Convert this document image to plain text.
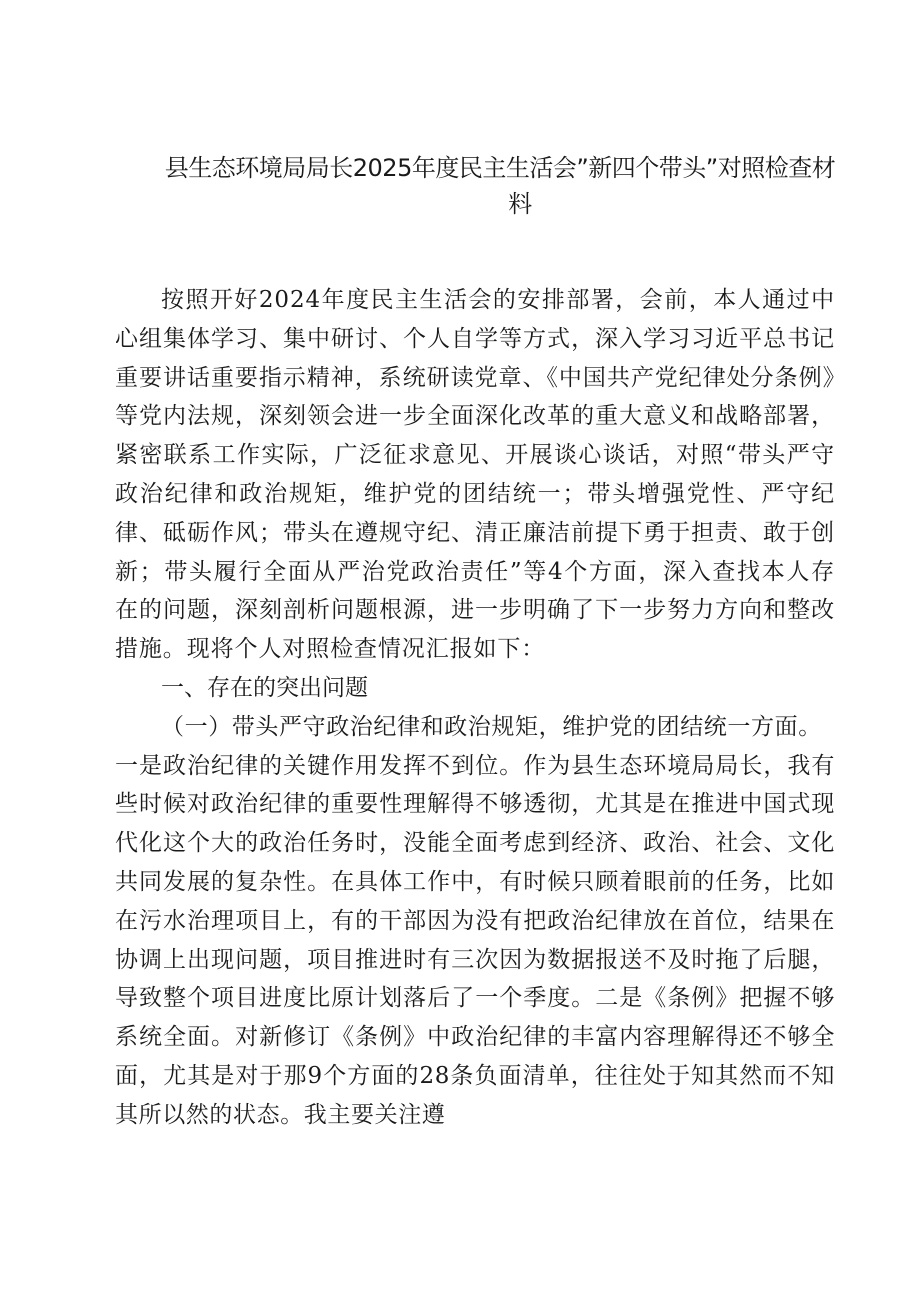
县生态环境局局长2025年度民主生活会”新四个带头”对照检查材
料

按照开好2024年度民主生活会的安排部署，会前，本人通过中心组集体学习、集中研讨、个人自学等方式，深入学习习近平总书记重要讲话重要指示精神，系统研读党章、《中国共产党纪律处分条例》等党内法规，深刻领会进一步全面深化改革的重大意义和战略部署，紧密联系工作实际，广泛征求意见、开展谈心谈话，对照“带头严守政治纪律和政治规矩，维护党的团结统一；带头增强党性、严守纪律、砥砺作风；带头在遵规守纪、清正廉洁前提下勇于担责、敢于创新；带头履行全面从严治党政治责任”等4个方面，深入查找本人存在的问题，深刻剖析问题根源，进一步明确了下一步努力方向和整改措施。现将个人对照检查情况汇报如下：

一、存在的突出问题

（一）带头严守政治纪律和政治规矩，维护党的团结统一方面。

一是政治纪律的关键作用发挥不到位。作为县生态环境局局长，我有些时候对政治纪律的重要性理解得不够透彻，尤其是在推进中国式现代化这个大的政治任务时，没能全面考虑到经济、政治、社会、文化共同发展的复杂性。在具体工作中，有时候只顾着眼前的任务，比如在污水治理项目上，有的干部因为没有把政治纪律放在首位，结果在协调上出现问题，项目推进时有三次因为数据报送不及时拖了后腿，导致整个项目进度比原计划落后了一个季度。二是《条例》把握不够系统全面。对新修订《条例》中政治纪律的丰富内容理解得还不够全面，尤其是对于那9个方面的28条负面清单，往往处于知其然而不知其所以然的状态。我主要关注遵
